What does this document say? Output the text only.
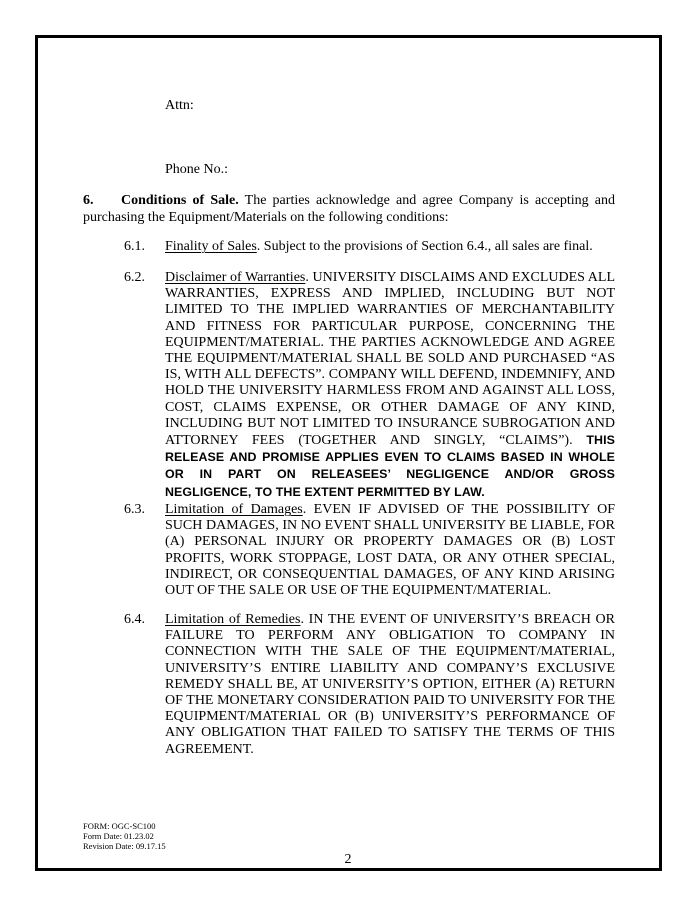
Attn:
Phone No.:
6. Conditions of Sale. The parties acknowledge and agree Company is accepting and purchasing the Equipment/Materials on the following conditions:
6.1. Finality of Sales. Subject to the provisions of Section 6.4., all sales are final.
6.2. Disclaimer of Warranties. UNIVERSITY DISCLAIMS AND EXCLUDES ALL WARRANTIES, EXPRESS AND IMPLIED, INCLUDING BUT NOT LIMITED TO THE IMPLIED WARRANTIES OF MERCHANTABILITY AND FITNESS FOR PARTICULAR PURPOSE, CONCERNING THE EQUIPMENT/MATERIAL. THE PARTIES ACKNOWLEDGE AND AGREE THE EQUIPMENT/MATERIAL SHALL BE SOLD AND PURCHASED “AS IS, WITH ALL DEFECTS”. COMPANY WILL DEFEND, INDEMNIFY, AND HOLD THE UNIVERSITY HARMLESS FROM AND AGAINST ALL LOSS, COST, CLAIMS EXPENSE, OR OTHER DAMAGE OF ANY KIND, INCLUDING BUT NOT LIMITED TO INSURANCE SUBROGATION AND ATTORNEY FEES (TOGETHER AND SINGLY, “CLAIMS”). THIS RELEASE AND PROMISE APPLIES EVEN TO CLAIMS BASED IN WHOLE OR IN PART ON RELEASEES’ NEGLIGENCE AND/OR GROSS NEGLIGENCE, TO THE EXTENT PERMITTED BY LAW.
6.3. Limitation of Damages. EVEN IF ADVISED OF THE POSSIBILITY OF SUCH DAMAGES, IN NO EVENT SHALL UNIVERSITY BE LIABLE, FOR (A) PERSONAL INJURY OR PROPERTY DAMAGES OR (B) LOST PROFITS, WORK STOPPAGE, LOST DATA, OR ANY OTHER SPECIAL, INDIRECT, OR CONSEQUENTIAL DAMAGES, OF ANY KIND ARISING OUT OF THE SALE OR USE OF THE EQUIPMENT/MATERIAL.
6.4. Limitation of Remedies. IN THE EVENT OF UNIVERSITY’S BREACH OR FAILURE TO PERFORM ANY OBLIGATION TO COMPANY IN CONNECTION WITH THE SALE OF THE EQUIPMENT/MATERIAL, UNIVERSITY’S ENTIRE LIABILITY AND COMPANY’S EXCLUSIVE REMEDY SHALL BE, AT UNIVERSITY’S OPTION, EITHER (A) RETURN OF THE MONETARY CONSIDERATION PAID TO UNIVERSITY FOR THE EQUIPMENT/MATERIAL OR (B) UNIVERSITY’S PERFORMANCE OF ANY OBLIGATION THAT FAILED TO SATISFY THE TERMS OF THIS AGREEMENT.
FORM: OGC-SC100
Form Date: 01.23.02
Revision Date: 09.17.15
2
